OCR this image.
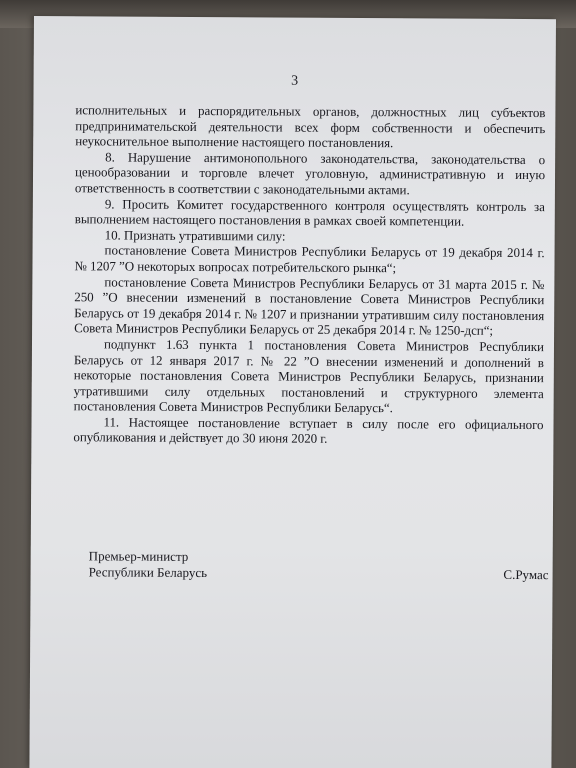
3

исполнительных и распорядительных органов, должностных лиц субъектов предпринимательской деятельности всех форм собственности и обеспечить неукоснительное выполнение настоящего постановления.

8. Нарушение антимонопольного законодательства, законодательства о ценообразовании и торговле влечет уголовную, административную и иную ответственность в соответствии с законодательными актами.

9. Просить Комитет государственного контроля осуществлять контроль за выполнением настоящего постановления в рамках своей компетенции.

10. Признать утратившими силу:

постановление Совета Министров Республики Беларусь от 19 декабря 2014 г. № 1207 ”О некоторых вопросах потребительского рынка“;

постановление Совета Министров Республики Беларусь от 31 марта 2015 г. № 250 ”О внесении изменений в постановление Совета Министров Республики Беларусь от 19 декабря 2014 г. № 1207 и признании утратившим силу постановления Совета Министров Республики Беларусь от 25 декабря 2014 г. № 1250-дсп“;

подпункт 1.63 пункта 1 постановления Совета Министров Республики Беларусь от 12 января 2017 г. № 22 ”О внесении изменений и дополнений в некоторые постановления Совета Министров Республики Беларусь, признании утратившими силу отдельных постановлений и структурного элемента постановления Совета Министров Республики Беларусь“.

11. Настоящее постановление вступает в силу после его официального опубликования и действует до 30 июня 2020 г.

Премьер-министр
Республики Беларусь	С.Румас
